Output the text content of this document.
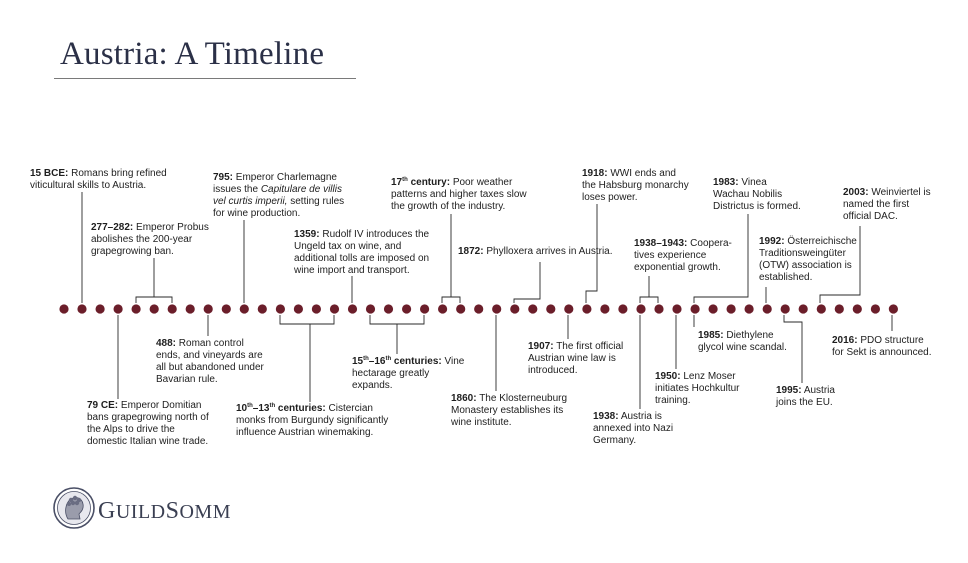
Austria: A Timeline
15 BCE: Romans bring refined
viticultural skills to Austria.
277–282: Emperor Probus
abolishes the 200-year
grapegrowing ban.
795: Emperor Charlemagne
issues the Capitulare de villis
vel curtis imperii, setting rules
for wine production.
1359: Rudolf IV introduces the
Ungeld tax on wine, and
additional tolls are imposed on
wine import and transport.
17th century: Poor weather
patterns and higher taxes slow
the growth of the industry.
1872: Phylloxera arrives in Austria.
1918: WWI ends and
the Habsburg monarchy
loses power.
1938–1943: Coopera-
tives experience
exponential growth.
1983: Vinea
Wachau Nobilis
Districtus is formed.
1992: Österreichische
Traditionsweingüter
(OTW) association is
established.
2003: Weinviertel is
named the first
official DAC.
488: Roman control
ends, and vineyards are
all but abandoned under
Bavarian rule.
79 CE: Emperor Domitian
bans grapegrowing north of
the Alps to drive the
domestic Italian wine trade.
10th–13th centuries: Cistercian
monks from Burgundy significantly
influence Austrian winemaking.
15th–16th centuries: Vine
hectarage greatly
expands.
1860: The Klosterneuburg
Monastery establishes its
wine institute.
1907: The first official
Austrian wine law is
introduced.
1938: Austria is
annexed into Nazi
Germany.
1950: Lenz Moser
initiates Hochkultur
training.
1985: Diethylene
glycol wine scandal.
1995: Austria
joins the EU.
2016: PDO structure
for Sekt is announced.
GUILDSOMM
